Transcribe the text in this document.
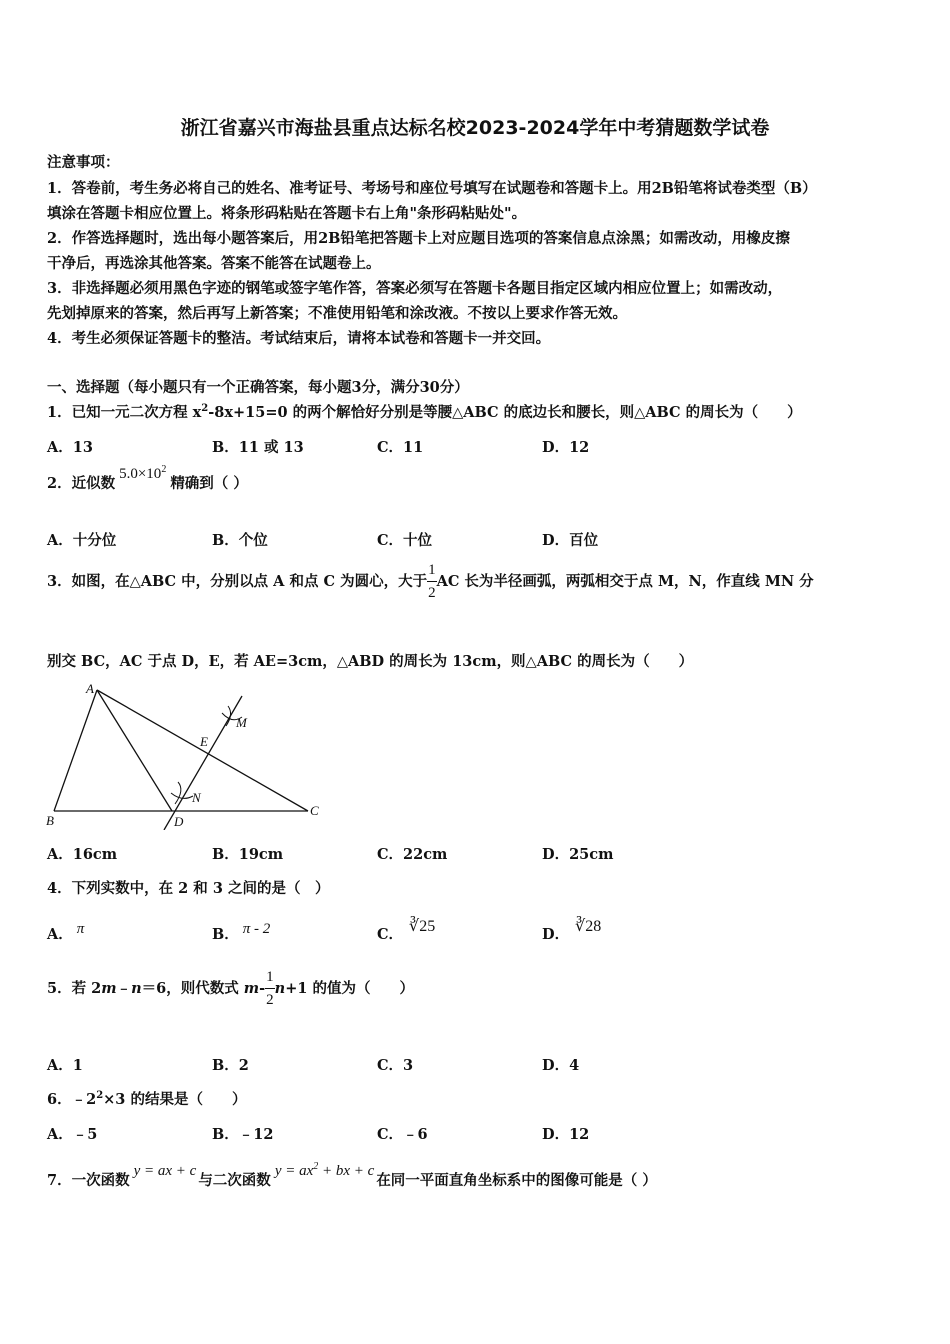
浙江省嘉兴市海盐县重点达标名校2023-2024学年中考猜题数学试卷
注意事项：
1．答卷前，考生务必将自己的姓名、准考证号、考场号和座位号填写在试题卷和答题卡上。用2B铅笔将试卷类型（B）
填涂在答题卡相应位置上。将条形码粘贴在答题卡右上角"条形码粘贴处"。
2．作答选择题时，选出每小题答案后，用2B铅笔把答题卡上对应题目选项的答案信息点涂黑；如需改动，用橡皮擦
干净后，再选涂其他答案。答案不能答在试题卷上。
3．非选择题必须用黑色字迹的钢笔或签字笔作答，答案必须写在答题卡各题目指定区域内相应位置上；如需改动，
先划掉原来的答案，然后再写上新答案；不准使用铅笔和涂改液。不按以上要求作答无效。
4．考生必须保证答题卡的整洁。考试结束后，请将本试卷和答题卡一并交回。
一、选择题（每小题只有一个正确答案，每小题3分，满分30分）
1．已知一元二次方程 $x^2-8x+15=0$ 的两个解恰好分别是等腰△ABC 的底边长和腰长，则△ABC 的周长为（　　）
A．13	B．11 或 13	C．11	D．12
2．近似数$5.0\times 10^2$精确到（ ）
A．十分位	B．个位	C．十位	D．百位
3．如图，在△ABC 中，分别以点 A 和点 C 为圆心，大于 $\frac{1}{2}$ AC 长为半径画弧，两弧相交于点 M，N，作直线 MN 分
别交 BC，AC 于点 D，E，若 AE=3cm，△ABD 的周长为 13cm，则△ABC 的周长为（　　）
A
B
C
D
E
M
N
A．16cm	B．19cm	C．22cm	D．25cm
4．下列实数中，在 2 和 3 之间的是（　）
A． π	B． π - 2	C． ∛25	D． ∛28
5．若 2m﹣n＝6，则代数式 $m- \frac{1}{2} n+1$ 的值为（　　）
A．1	B．2	C．3	D．4
6．$﹣2^2\times 3$ 的结果是（　　）
A．﹣5	B．﹣12	C．﹣6	D．12
7．一次函数y = ax + c与二次函数$y = ax^2$ + bx + c在同一平面直角坐标系中的图像可能是（ ）
